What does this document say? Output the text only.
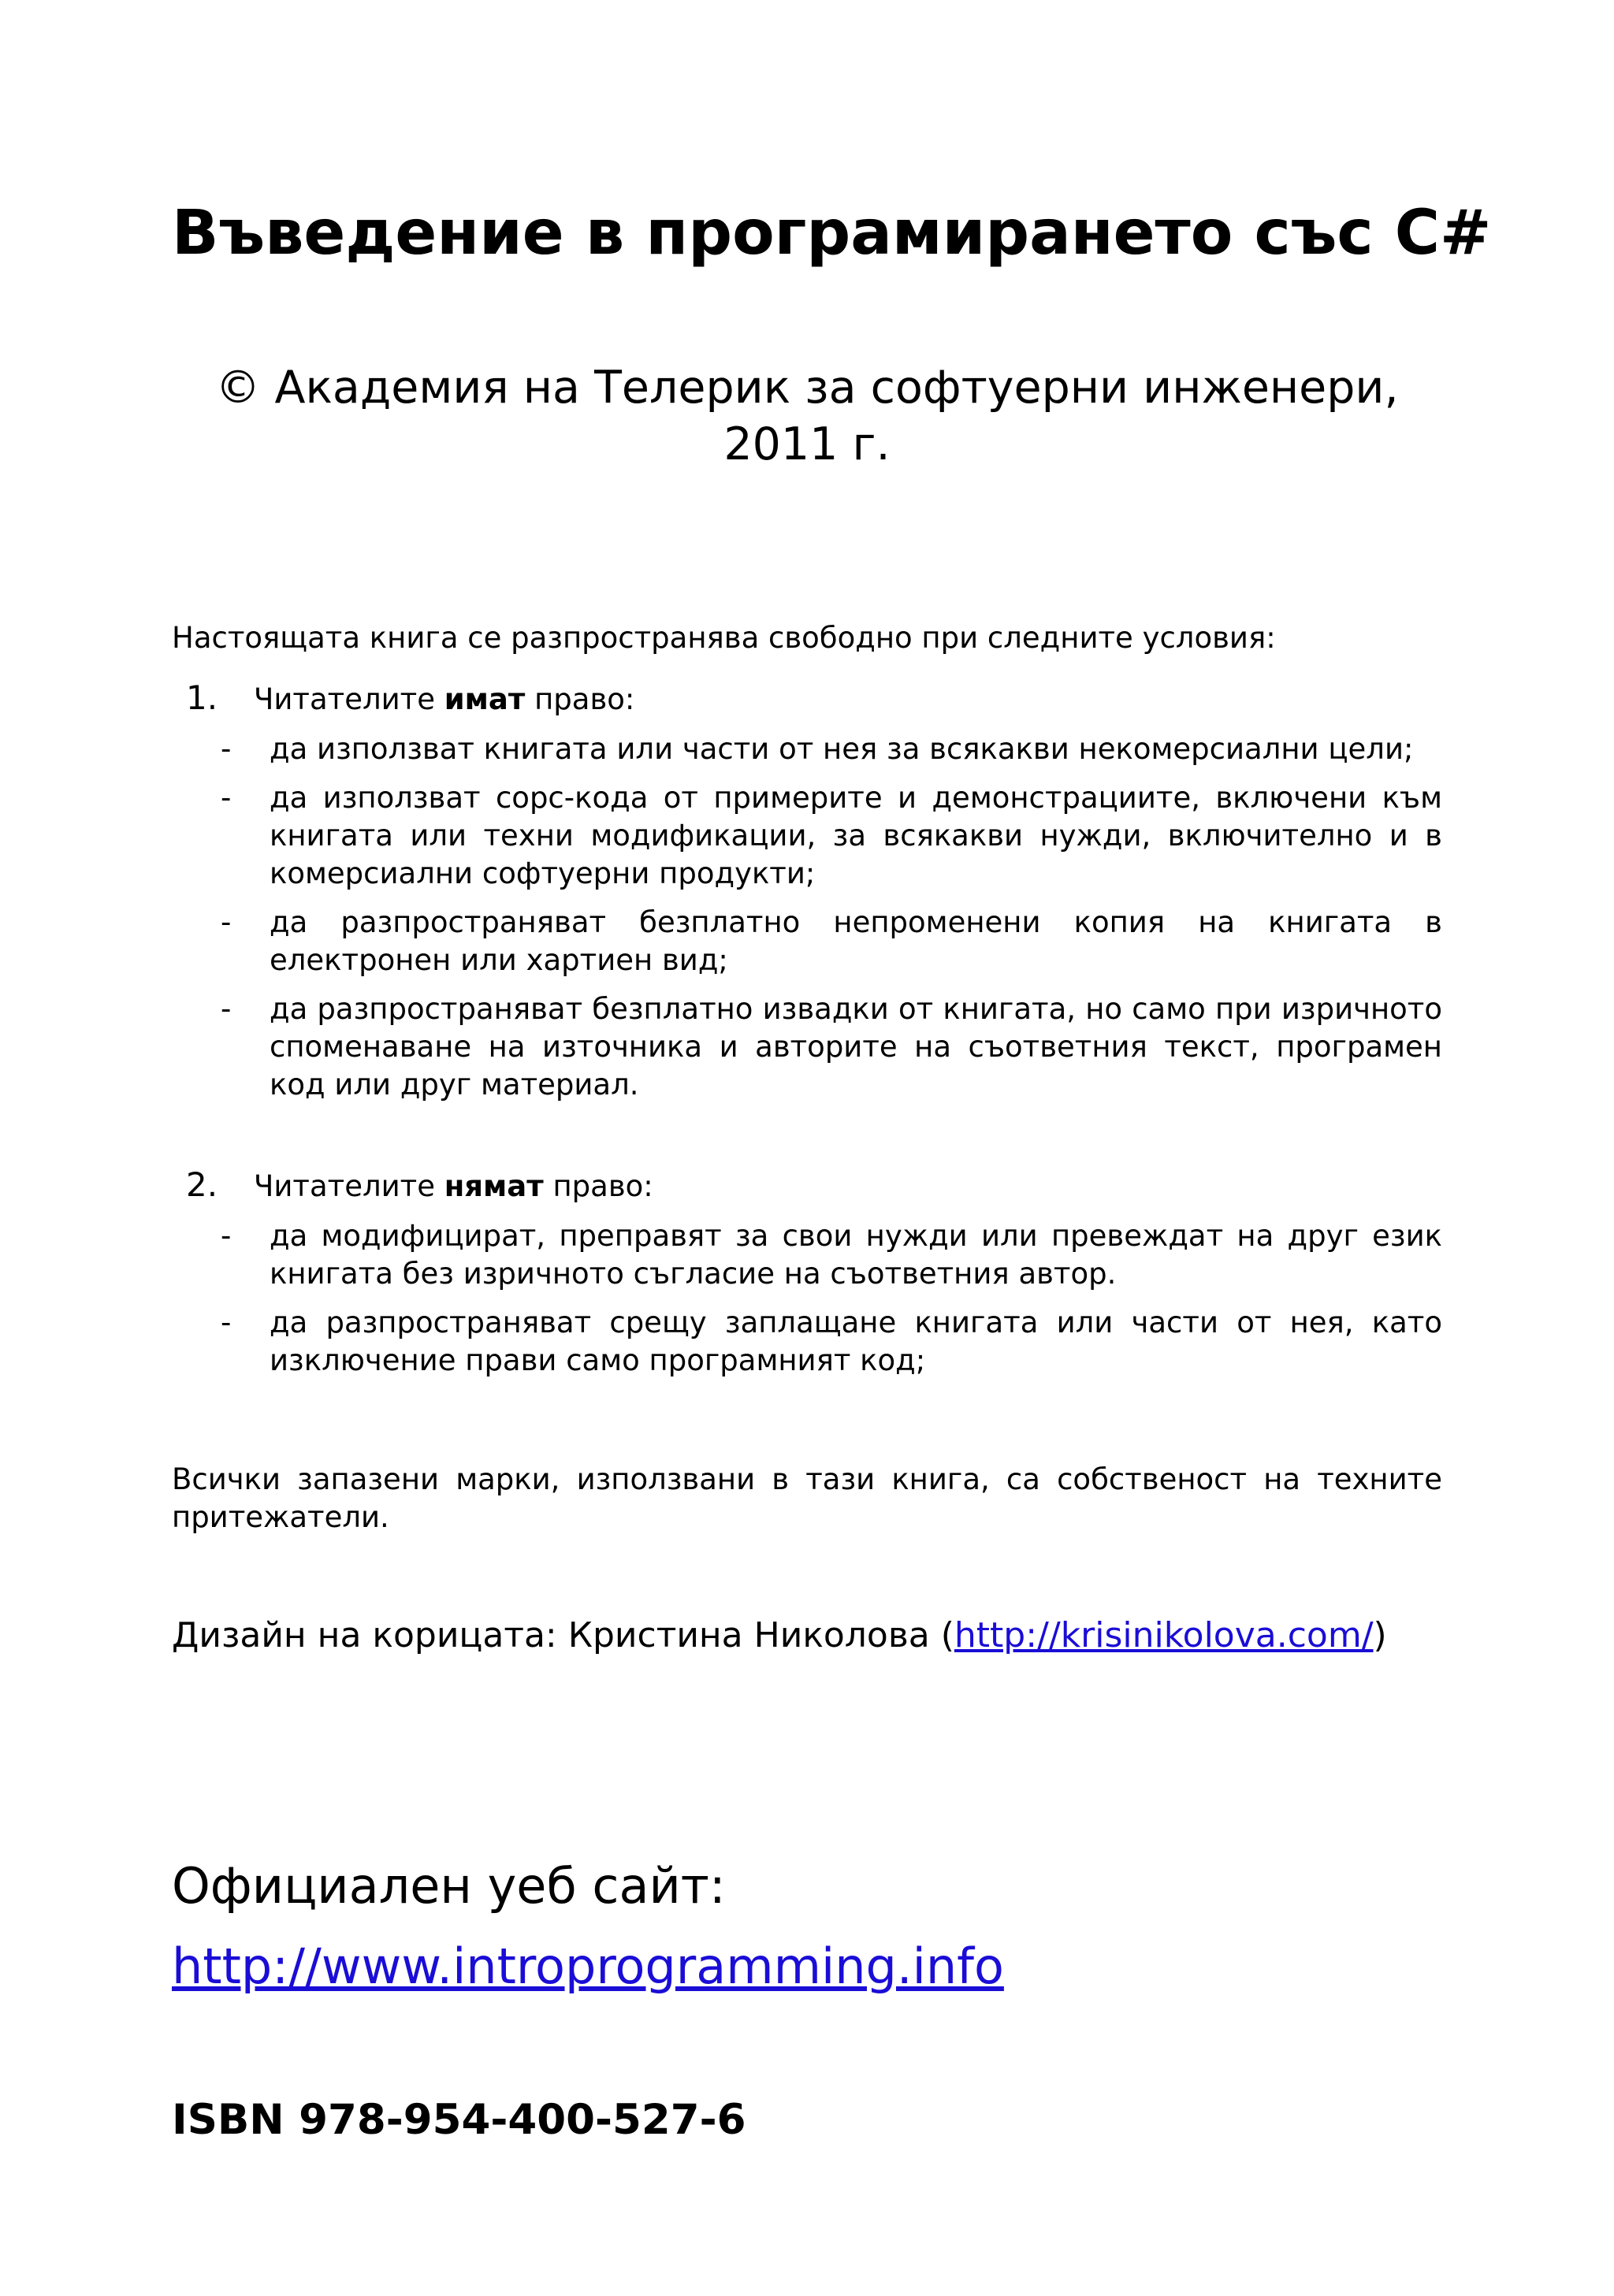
Въведение в програмирането със C#
© Академия на Телерик за софтуерни инженери,
2011 г.
Настоящата книга се разпространява свободно при следните условия:
1. Читателите имат право:
- да използват книгата или части от нея за всякакви некомерсиални цели;
- да използват сорс-кода от примерите и демонстрациите, включени към книгата или техни модификации, за всякакви нужди, включително и в комерсиални софтуерни продукти;
- да разпространяват безплатно непроменени копия на книгата в електронен или хартиен вид;
- да разпространяват безплатно извадки от книгата, но само при изричното споменаване на източника и авторите на съответния текст, програмен код или друг материал.
2. Читателите нямат право:
- да модифицират, преправят за свои нужди или превеждат на друг език книгата без изричното съгласие на съответния автор.
- да разпространяват срещу заплащане книгата или части от нея, като изключение прави само програмният код;
Всички запазени марки, използвани в тази книга, са собственост на техните притежатели.
Дизайн на корицата: Кристина Николова (http://krisinikolova.com/)
Официален уеб сайт:
http://www.introprogramming.info
ISBN 978-954-400-527-6
